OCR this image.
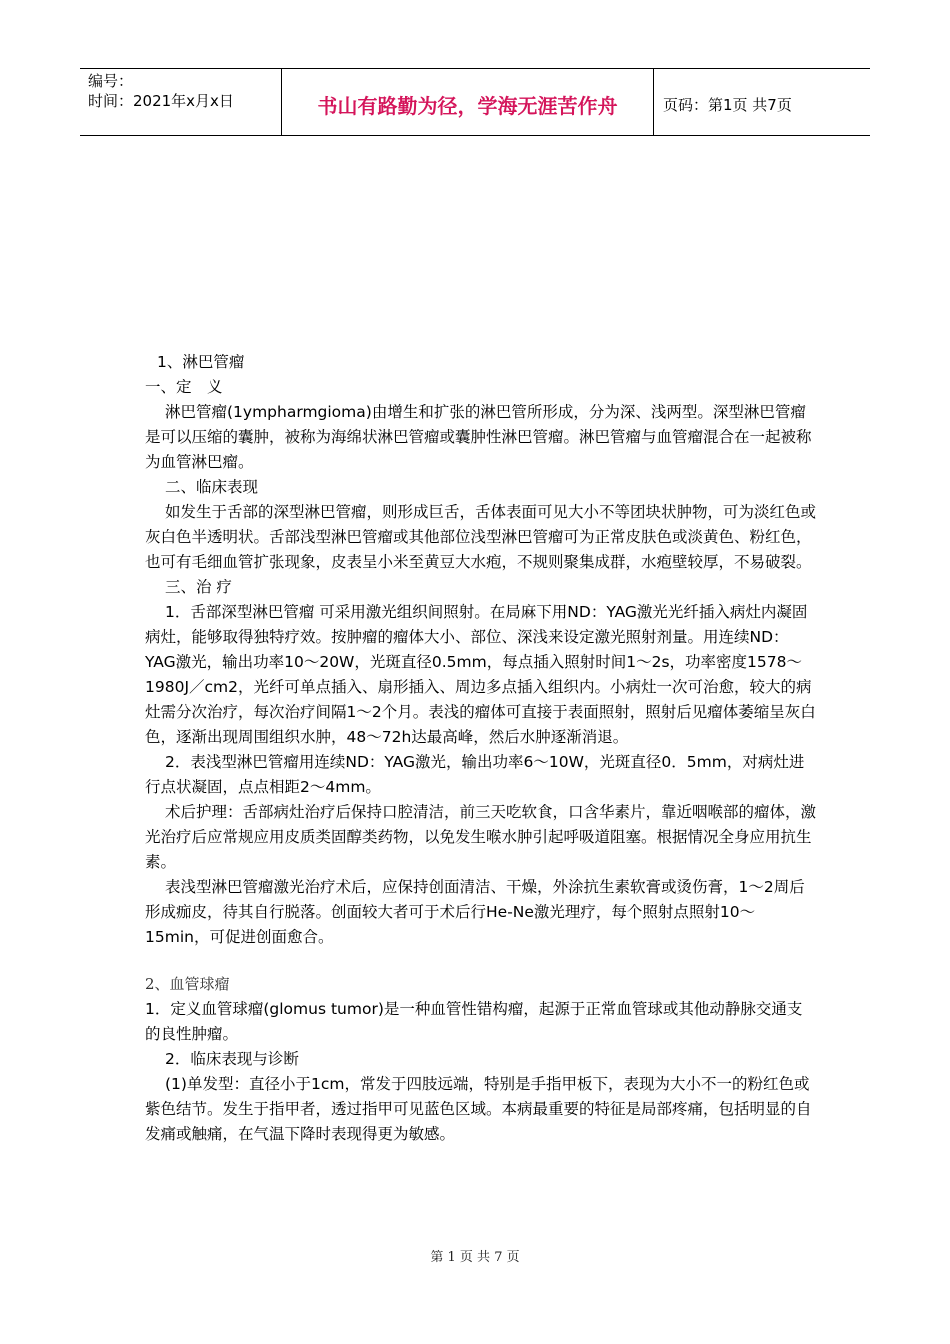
编号：
时间：2021年x月x日	书山有路勤为径，学海无涯苦作舟	页码：第1页 共7页

1、淋巴管瘤

一、定　义

淋巴管瘤(1ympharmgioma)由增生和扩张的淋巴管所形成，分为深、浅两型。深型淋巴管瘤是可以压缩的囊肿，被称为海绵状淋巴管瘤或囊肿性淋巴管瘤。淋巴管瘤与血管瘤混合在一起被称为血管淋巴瘤。

二、临床表现

如发生于舌部的深型淋巴管瘤，则形成巨舌，舌体表面可见大小不等团块状肿物，可为淡红色或灰白色半透明状。舌部浅型淋巴管瘤或其他部位浅型淋巴管瘤可为正常皮肤色或淡黄色、粉红色，也可有毛细血管扩张现象，皮表呈小米至黄豆大水疱，不规则聚集成群，水疱壁较厚，不易破裂。

三、治 疗

1．舌部深型淋巴管瘤 可采用激光组织间照射。在局麻下用ND：YAG激光光纤插入病灶内凝固病灶，能够取得独特疗效。按肿瘤的瘤体大小、部位、深浅来设定激光照射剂量。用连续ND：YAG激光，输出功率10～20W，光斑直径0.5mm，每点插入照射时间1～2s，功率密度1578～1980J／cm2，光纤可单点插入、扇形插入、周边多点插入组织内。小病灶一次可治愈，较大的病灶需分次治疗，每次治疗间隔1～2个月。表浅的瘤体可直接于表面照射，照射后见瘤体萎缩呈灰白色，逐渐出现周围组织水肿，48～72h达最高峰，然后水肿逐渐消退。

2．表浅型淋巴管瘤用连续ND：YAG激光，输出功率6～10W，光斑直径0．5mm，对病灶进行点状凝固，点点相距2～4mm。

术后护理：舌部病灶治疗后保持口腔清洁，前三天吃软食，口含华素片，靠近咽喉部的瘤体，激光治疗后应常规应用皮质类固醇类药物，以免发生喉水肿引起呼吸道阻塞。根据情况全身应用抗生素。

表浅型淋巴管瘤激光治疗术后，应保持创面清洁、干燥，外涂抗生素软膏或烫伤膏，1～2周后形成痂皮，待其自行脱落。创面较大者可于术后行He-Ne激光理疗，每个照射点照射10～15min，可促进创面愈合。

2、血管球瘤

1．定义血管球瘤(glomus tumor)是一种血管性错构瘤，起源于正常血管球或其他动静脉交通支的良性肿瘤。

2．临床表现与诊断

(1)单发型：直径小于1cm，常发于四肢远端，特别是手指甲板下，表现为大小不一的粉红色或紫色结节。发生于指甲者，透过指甲可见蓝色区域。本病最重要的特征是局部疼痛，包括明显的自发痛或触痛，在气温下降时表现得更为敏感。

第 1 页 共 7 页
